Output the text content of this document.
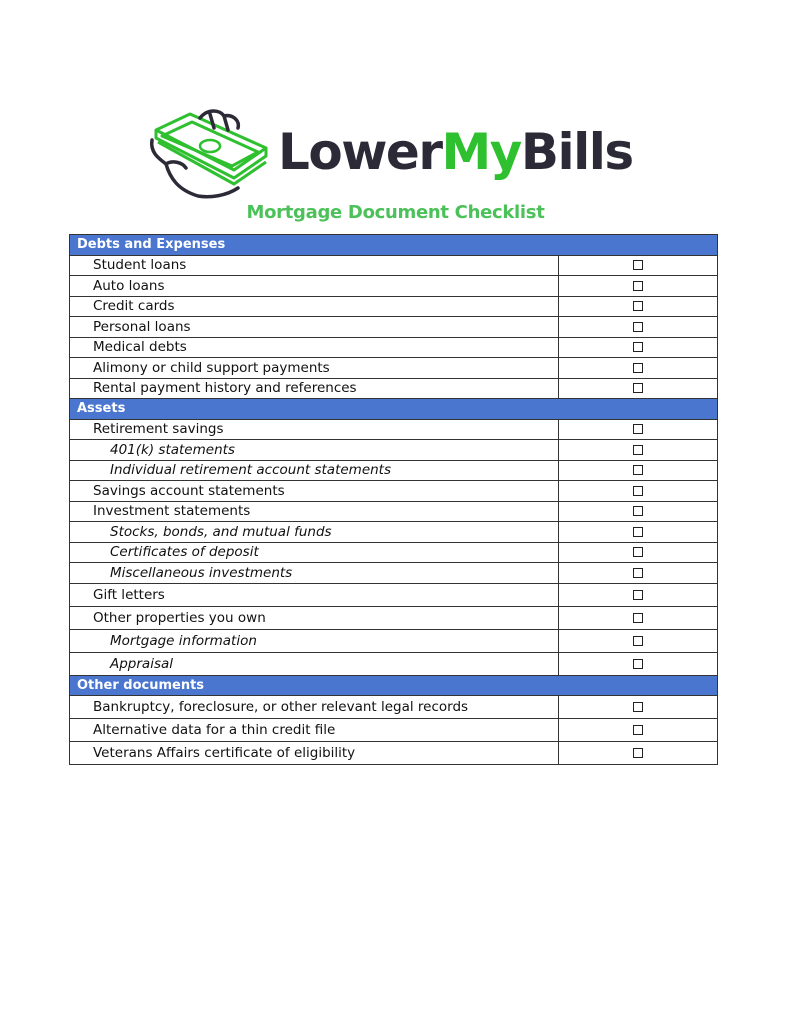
LowerMyBills
Mortgage Document Checklist
Debts and Expenses	
Student loans	
Auto loans	
Credit cards	
Personal loans	
Medical debts	
Alimony or child support payments	
Rental payment history and references	
Assets	
Retirement savings	
401(k) statements	
Individual retirement account statements	
Savings account statements	
Investment statements	
Stocks, bonds, and mutual funds	
Certificates of deposit	
Miscellaneous investments	
Gift letters	
Other properties you own	
Mortgage information	
Appraisal	
Other documents	
Bankruptcy, foreclosure, or other relevant legal records	
Alternative data for a thin credit file	
Veterans Affairs certificate of eligibility	
